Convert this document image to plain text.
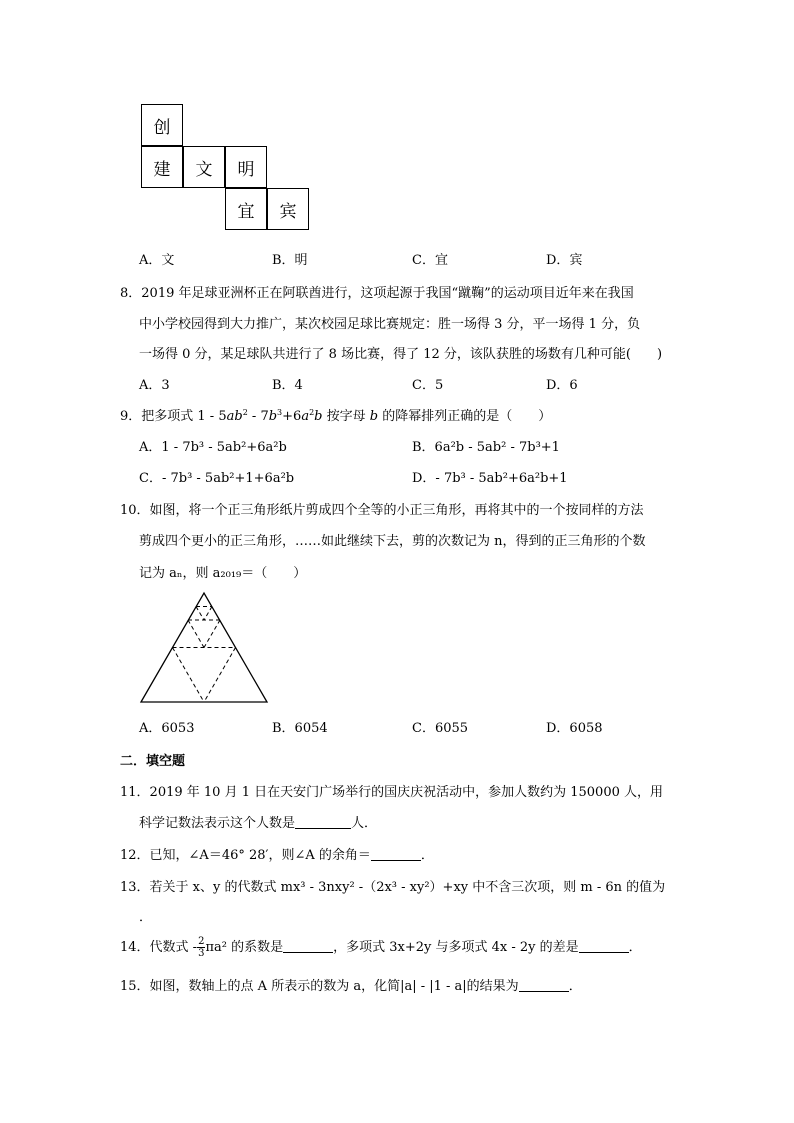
创
建	文	明
宜	宾
A．文	B．明	C．宜	D．宾
8．2019 年足球亚洲杯正在阿联酋进行，这项起源于我国“蹴鞠”的运动项目近年来在我国
中小学校园得到大力推广，某次校园足球比赛规定：胜一场得 3 分，平一场得 1 分，负
一场得 0 分，某足球队共进行了 8 场比赛，得了 12 分，该队获胜的场数有几种可能(　　)
A．3	B．4	C．5	D．6
9．把多项式 $1 - 5ab^2 - 7b^3+6a^2b$ 按字母 b 的降幂排列正确的是（　　）
A．1 - 7b³ - 5ab²+6a²b	B．6a²b - 5ab² - 7b³+1
C．- 7b³ - 5ab²+1+6a²b	D．- 7b³ - 5ab²+6a²b+1
10．如图，将一个正三角形纸片剪成四个全等的小正三角形，再将其中的一个按同样的方法
剪成四个更小的正三角形，……如此继续下去，剪的次数记为 n，得到的正三角形的个数
记为 aₙ，则 a₂₀₁₉＝（　　）
A．6053	B．6054	C．6055	D．6058
二．填空题
11．2019 年 10 月 1 日在天安门广场举行的国庆庆祝活动中，参加人数约为 150000 人，用
科学记数法表示这个人数是	人．
12．已知，∠A＝46° 28′，则∠A 的余角＝	．
13．若关于 x、y 的代数式 mx³ - 3nxy² -（2x³ - xy²）+xy 中不含三次项，则 m - 6n 的值为
．
14．代数式 - $\frac{2}{3} \pi a^2$ 的系数是	，多项式 3x+2y 与多项式 4x - 2y 的差是	．
15．如图，数轴上的点 A 所表示的数为 a，化简|a| - |1 - a|的结果为	．
